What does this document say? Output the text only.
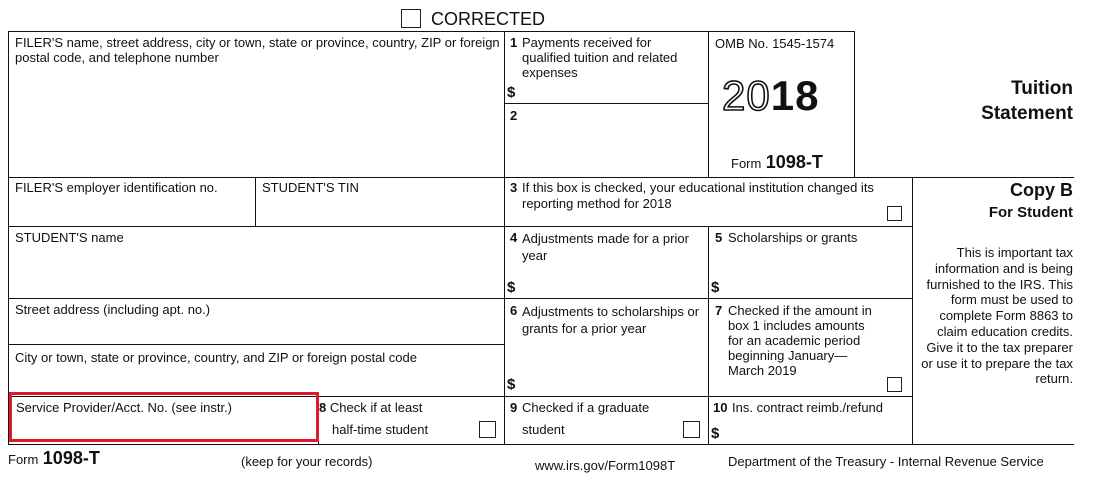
CORRECTED
FILER'S name, street address, city or town, state or province, country, ZIP or foreign postal code, and telephone number
FILER'S employer identification no.	STUDENT'S TIN
STUDENT'S name
Street address (including apt. no.)
City or town, state or province, country, and ZIP or foreign postal code
Service Provider/Acct. No. (see instr.)	8 Check if at least
half-time student
1 Payments received for qualified tuition and related expenses
$
2
3 If this box is checked, your educational institution changed its reporting method for 2018
4 Adjustments made for a prior year
$
5 Scholarships or grants
$
6 Adjustments to scholarships or grants for a prior year
$
7 Checked if the amount in box 1 includes amounts for an academic period beginning January— March 2019
9 Checked if a graduate
student
10 Ins. contract reimb./refund
$
OMB No. 1545-1574
2018
Form 1098-T
Tuition
Statement
Copy B
For Student
This is important tax information and is being furnished to the IRS. This form must be used to complete Form 8863 to claim education credits. Give it to the tax preparer or use it to prepare the tax return.
Form 1098-T	(keep for your records)	www.irs.gov/Form1098T	Department of the Treasury - Internal Revenue Service
